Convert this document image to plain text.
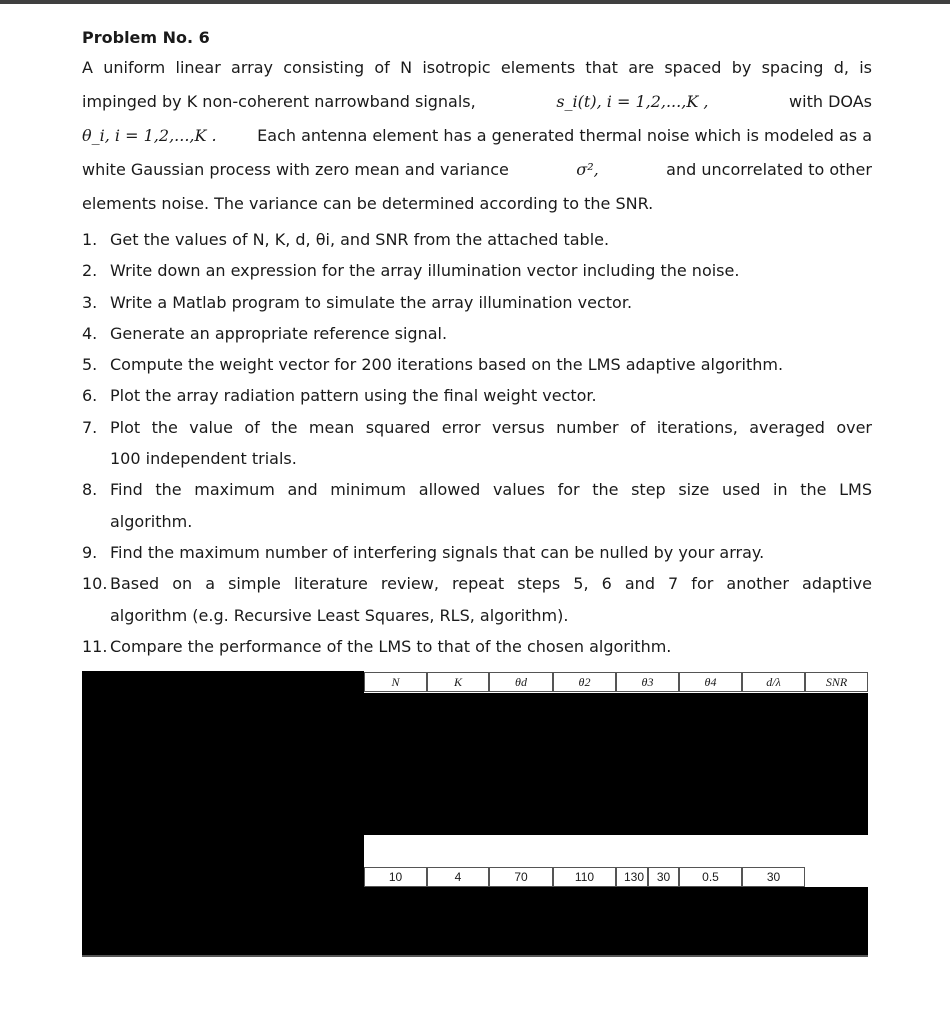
Problem No. 6
A uniform linear array consisting of N isotropic elements that are spaced by spacing d, is
impinged by K non-coherent narrowband signals,	s_i(t), i = 1,2,...,K ,	with DOAs
θ_i, i = 1,2,...,K .	Each antenna element has a generated thermal noise which is modeled as a
white Gaussian process with zero mean and variance	σ²,	and uncorrelated to other
elements noise. The variance can be determined according to the SNR.
1. Get the values of N, K, d, θi, and SNR from the attached table.
2. Write down an expression for the array illumination vector including the noise.
3. Write a Matlab program to simulate the array illumination vector.
4. Generate an appropriate reference signal.
5. Compute the weight vector for 200 iterations based on the LMS adaptive algorithm.
6. Plot the array radiation pattern using the final weight vector.
7. Plot the value of the mean squared error versus number of iterations, averaged over
100 independent trials.
8. Find the maximum and minimum allowed values for the step size used in the LMS
algorithm.
9. Find the maximum number of interfering signals that can be nulled by your array.
10. Based on a simple literature review, repeat steps 5, 6 and 7 for another adaptive
algorithm (e.g. Recursive Least Squares, RLS, algorithm).
11. Compare the performance of the LMS to that of the chosen algorithm.
N	K	θd	θ2	θ3	θ4	d/λ	SNR
10	4	70	110	130	30	0.5	30
